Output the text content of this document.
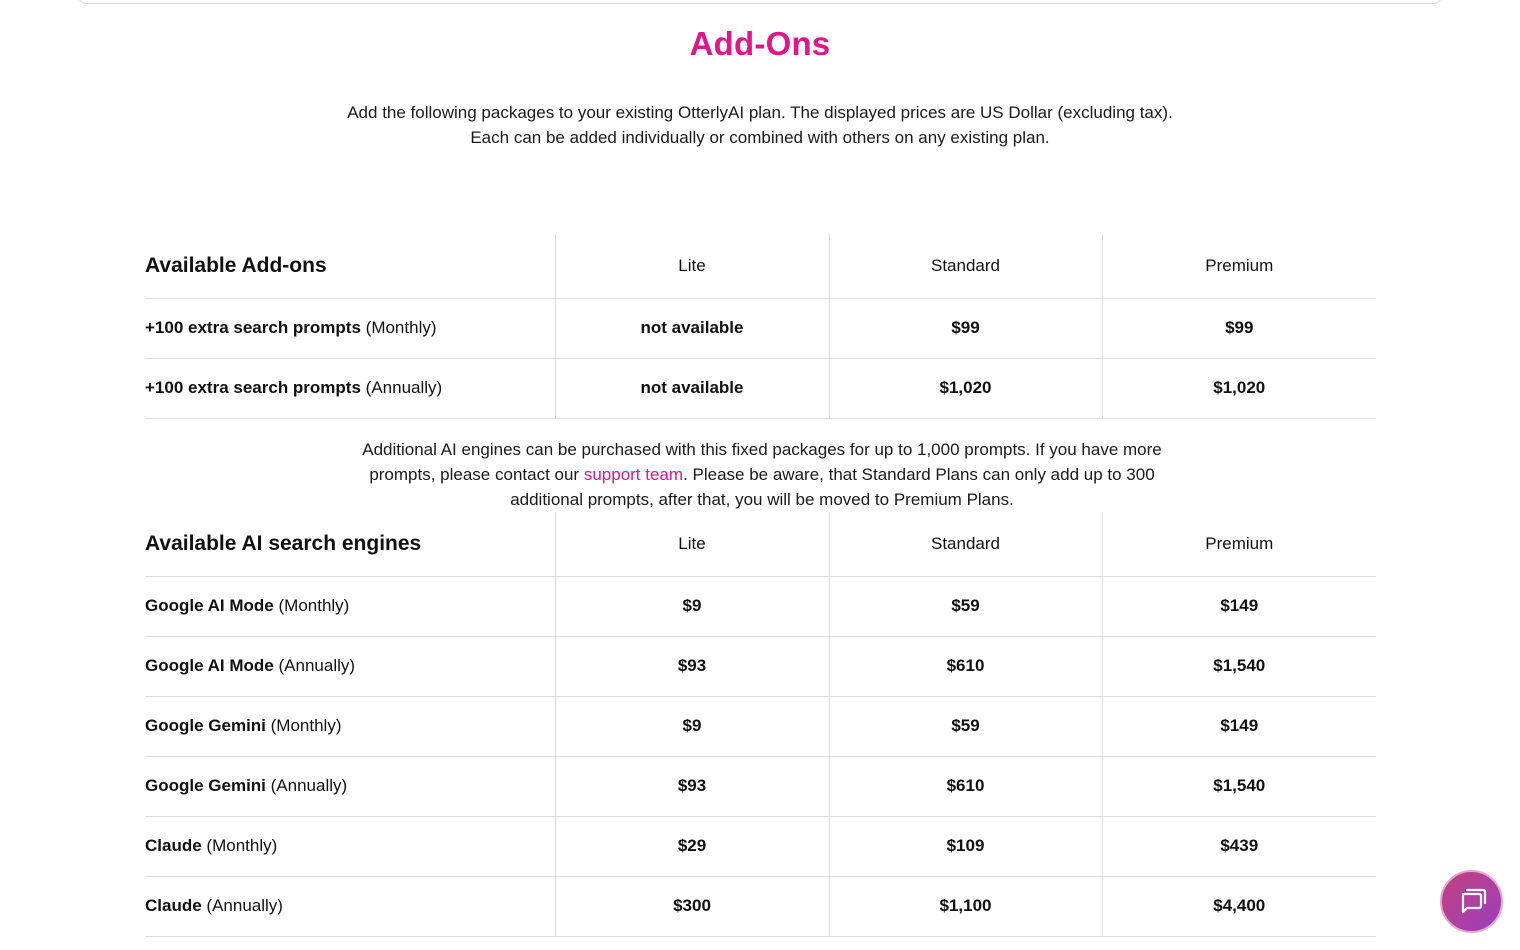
Add-Ons

Add the following packages to your existing OtterlyAI plan. The displayed prices are US Dollar (excluding tax). Each can be added individually or combined with others on any existing plan.

Available Add-ons	Lite	Standard	Premium
+100 extra search prompts (Monthly)	not available	$99	$99
+100 extra search prompts (Annually)	not available	$1,020	$1,020

Additional AI engines can be purchased with this fixed packages for up to 1,000 prompts. If you have more prompts, please contact our support team. Please be aware, that Standard Plans can only add up to 300 additional prompts, after that, you will be moved to Premium Plans.

Available AI search engines	Lite	Standard	Premium
Google AI Mode (Monthly)	$9	$59	$149
Google AI Mode (Annually)	$93	$610	$1,540
Google Gemini (Monthly)	$9	$59	$149
Google Gemini (Annually)	$93	$610	$1,540
Claude (Monthly)	$29	$109	$439
Claude (Annually)	$300	$1,100	$4,400
